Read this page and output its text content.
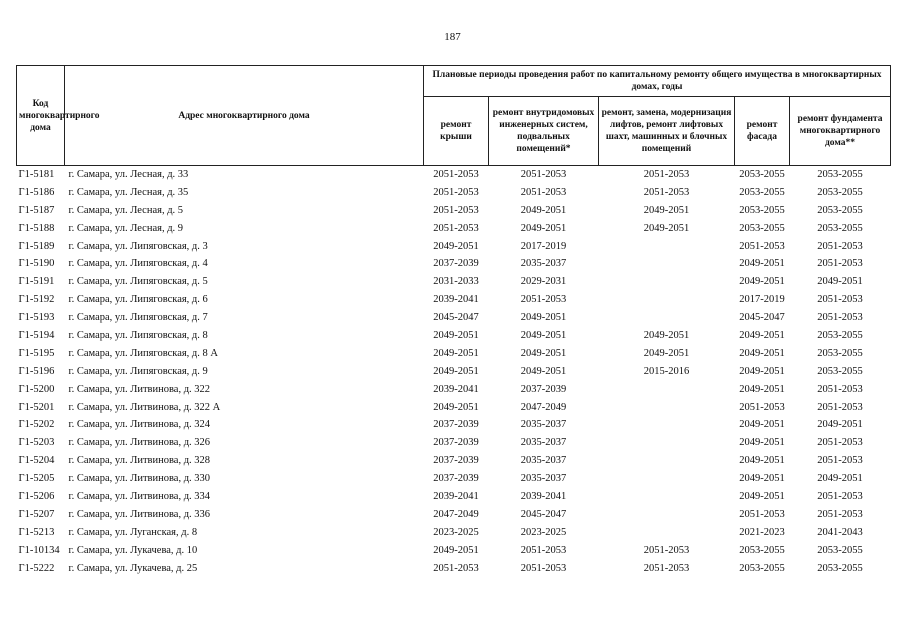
187
Код многоквартирного дома	Адрес многоквартирного дома	Плановые периоды проведения работ по капитальному ремонту общего имущества в многоквартирных домах, годы				
		ремонт крыши	ремонт внутридомовых инженерных систем, подвальных помещений*	ремонт, замена, модернизация лифтов, ремонт лифтовых шахт, машинных и блочных помещений	ремонт фасада	ремонт фундамента многоквартирного дома**
Г1-5181	г. Самара, ул. Лесная, д. 33	2051-2053	2051-2053	2051-2053	2053-2055	2053-2055
Г1-5186	г. Самара, ул. Лесная, д. 35	2051-2053	2051-2053	2051-2053	2053-2055	2053-2055
Г1-5187	г. Самара, ул. Лесная, д. 5	2051-2053	2049-2051	2049-2051	2053-2055	2053-2055
Г1-5188	г. Самара, ул. Лесная, д. 9	2051-2053	2049-2051	2049-2051	2053-2055	2053-2055
Г1-5189	г. Самара, ул. Липяговская, д. 3	2049-2051	2017-2019		2051-2053	2051-2053
Г1-5190	г. Самара, ул. Липяговская, д. 4	2037-2039	2035-2037		2049-2051	2051-2053
Г1-5191	г. Самара, ул. Липяговская, д. 5	2031-2033	2029-2031		2049-2051	2049-2051
Г1-5192	г. Самара, ул. Липяговская, д. 6	2039-2041	2051-2053		2017-2019	2051-2053
Г1-5193	г. Самара, ул. Липяговская, д. 7	2045-2047	2049-2051		2045-2047	2051-2053
Г1-5194	г. Самара, ул. Липяговская, д. 8	2049-2051	2049-2051	2049-2051	2049-2051	2053-2055
Г1-5195	г. Самара, ул. Липяговская, д. 8 А	2049-2051	2049-2051	2049-2051	2049-2051	2053-2055
Г1-5196	г. Самара, ул. Липяговская, д. 9	2049-2051	2049-2051	2015-2016	2049-2051	2053-2055
Г1-5200	г. Самара, ул. Литвинова, д. 322	2039-2041	2037-2039		2049-2051	2051-2053
Г1-5201	г. Самара, ул. Литвинова, д. 322 А	2049-2051	2047-2049		2051-2053	2051-2053
Г1-5202	г. Самара, ул. Литвинова, д. 324	2037-2039	2035-2037		2049-2051	2049-2051
Г1-5203	г. Самара, ул. Литвинова, д. 326	2037-2039	2035-2037		2049-2051	2051-2053
Г1-5204	г. Самара, ул. Литвинова, д. 328	2037-2039	2035-2037		2049-2051	2051-2053
Г1-5205	г. Самара, ул. Литвинова, д. 330	2037-2039	2035-2037		2049-2051	2049-2051
Г1-5206	г. Самара, ул. Литвинова, д. 334	2039-2041	2039-2041		2049-2051	2051-2053
Г1-5207	г. Самара, ул. Литвинова, д. 336	2047-2049	2045-2047		2051-2053	2051-2053
Г1-5213	г. Самара, ул. Луганская, д. 8	2023-2025	2023-2025		2021-2023	2041-2043
Г1-10134	г. Самара, ул. Лукачева, д. 10	2049-2051	2051-2053	2051-2053	2053-2055	2053-2055
Г1-5222	г. Самара, ул. Лукачева, д. 25	2051-2053	2051-2053	2051-2053	2053-2055	2053-2055
